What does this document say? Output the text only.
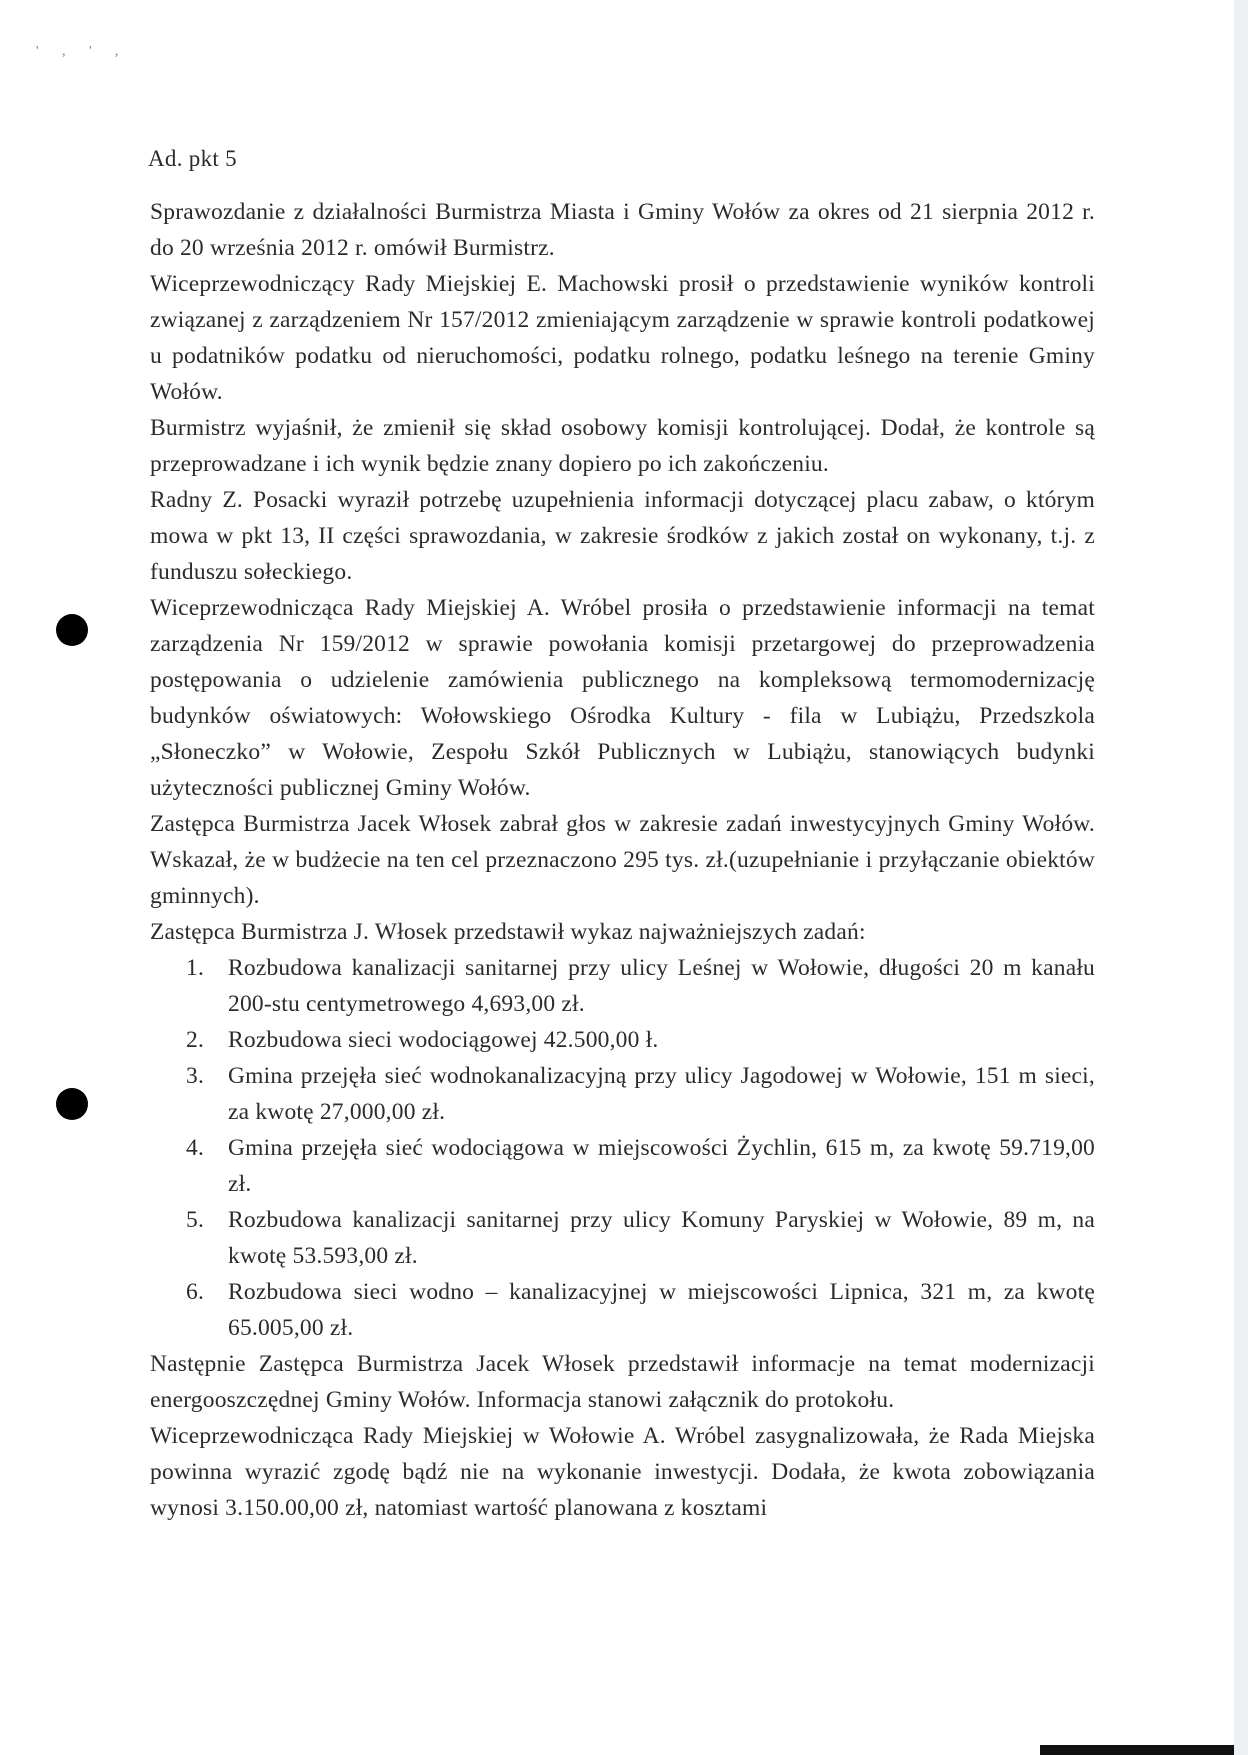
' , ' ,
Ad. pkt 5

Sprawozdanie z działalności Burmistrza Miasta i Gminy Wołów za okres od 21 sierpnia 2012 r. do 20 września 2012 r. omówił Burmistrz.

Wiceprzewodniczący Rady Miejskiej E. Machowski prosił o przedstawienie wyników kontroli związanej z zarządzeniem Nr 157/2012 zmieniającym zarządzenie w sprawie kontroli podatkowej u podatników podatku od nieruchomości, podatku rolnego, podatku leśnego na terenie Gminy Wołów.

Burmistrz wyjaśnił, że zmienił się skład osobowy komisji kontrolującej. Dodał, że kontrole są przeprowadzane i ich wynik będzie znany dopiero po ich zakończeniu.

Radny Z. Posacki wyraził potrzebę uzupełnienia informacji dotyczącej placu zabaw, o którym mowa w pkt 13, II części sprawozdania, w zakresie środków z jakich został on wykonany, t.j. z funduszu sołeckiego.

Wiceprzewodnicząca Rady Miejskiej A. Wróbel prosiła o przedstawienie informacji na temat zarządzenia Nr 159/2012 w sprawie powołania komisji przetargowej do przeprowadzenia postępowania o udzielenie zamówienia publicznego na kompleksową termomodernizację budynków oświatowych: Wołowskiego Ośrodka Kultury - fila w Lubiążu, Przedszkola „Słoneczko” w Wołowie, Zespołu Szkół Publicznych w Lubiążu, stanowiących budynki użyteczności publicznej Gminy Wołów.

Zastępca Burmistrza Jacek Włosek zabrał głos w zakresie zadań inwestycyjnych Gminy Wołów. Wskazał, że w budżecie na ten cel przeznaczono 295 tys. zł.(uzupełnianie i przyłączanie obiektów gminnych).

Zastępca Burmistrza J. Włosek przedstawił wykaz najważniejszych zadań:

1. Rozbudowa kanalizacji sanitarnej przy ulicy Leśnej w Wołowie, długości 20 m kanału 200-stu centymetrowego 4,693,00 zł.
2. Rozbudowa sieci wodociągowej 42.500,00 ł.
3. Gmina przejęła sieć wodnokanalizacyjną przy ulicy Jagodowej w Wołowie, 151 m sieci, za kwotę 27,000,00 zł.
4. Gmina przejęła sieć wodociągowa w miejscowości Żychlin, 615 m, za kwotę 59.719,00 zł.
5. Rozbudowa kanalizacji sanitarnej przy ulicy Komuny Paryskiej w Wołowie, 89 m, na kwotę 53.593,00 zł.
6. Rozbudowa sieci wodno – kanalizacyjnej w miejscowości Lipnica, 321 m, za kwotę 65.005,00 zł.

Następnie Zastępca Burmistrza Jacek Włosek przedstawił informacje na temat modernizacji energooszczędnej Gminy Wołów. Informacja stanowi załącznik do protokołu.

Wiceprzewodnicząca Rady Miejskiej w Wołowie A. Wróbel zasygnalizowała, że Rada Miejska powinna wyrazić zgodę bądź nie na wykonanie inwestycji. Dodała, że kwota zobowiązania wynosi 3.150.00,00 zł, natomiast wartość planowana z kosztami
